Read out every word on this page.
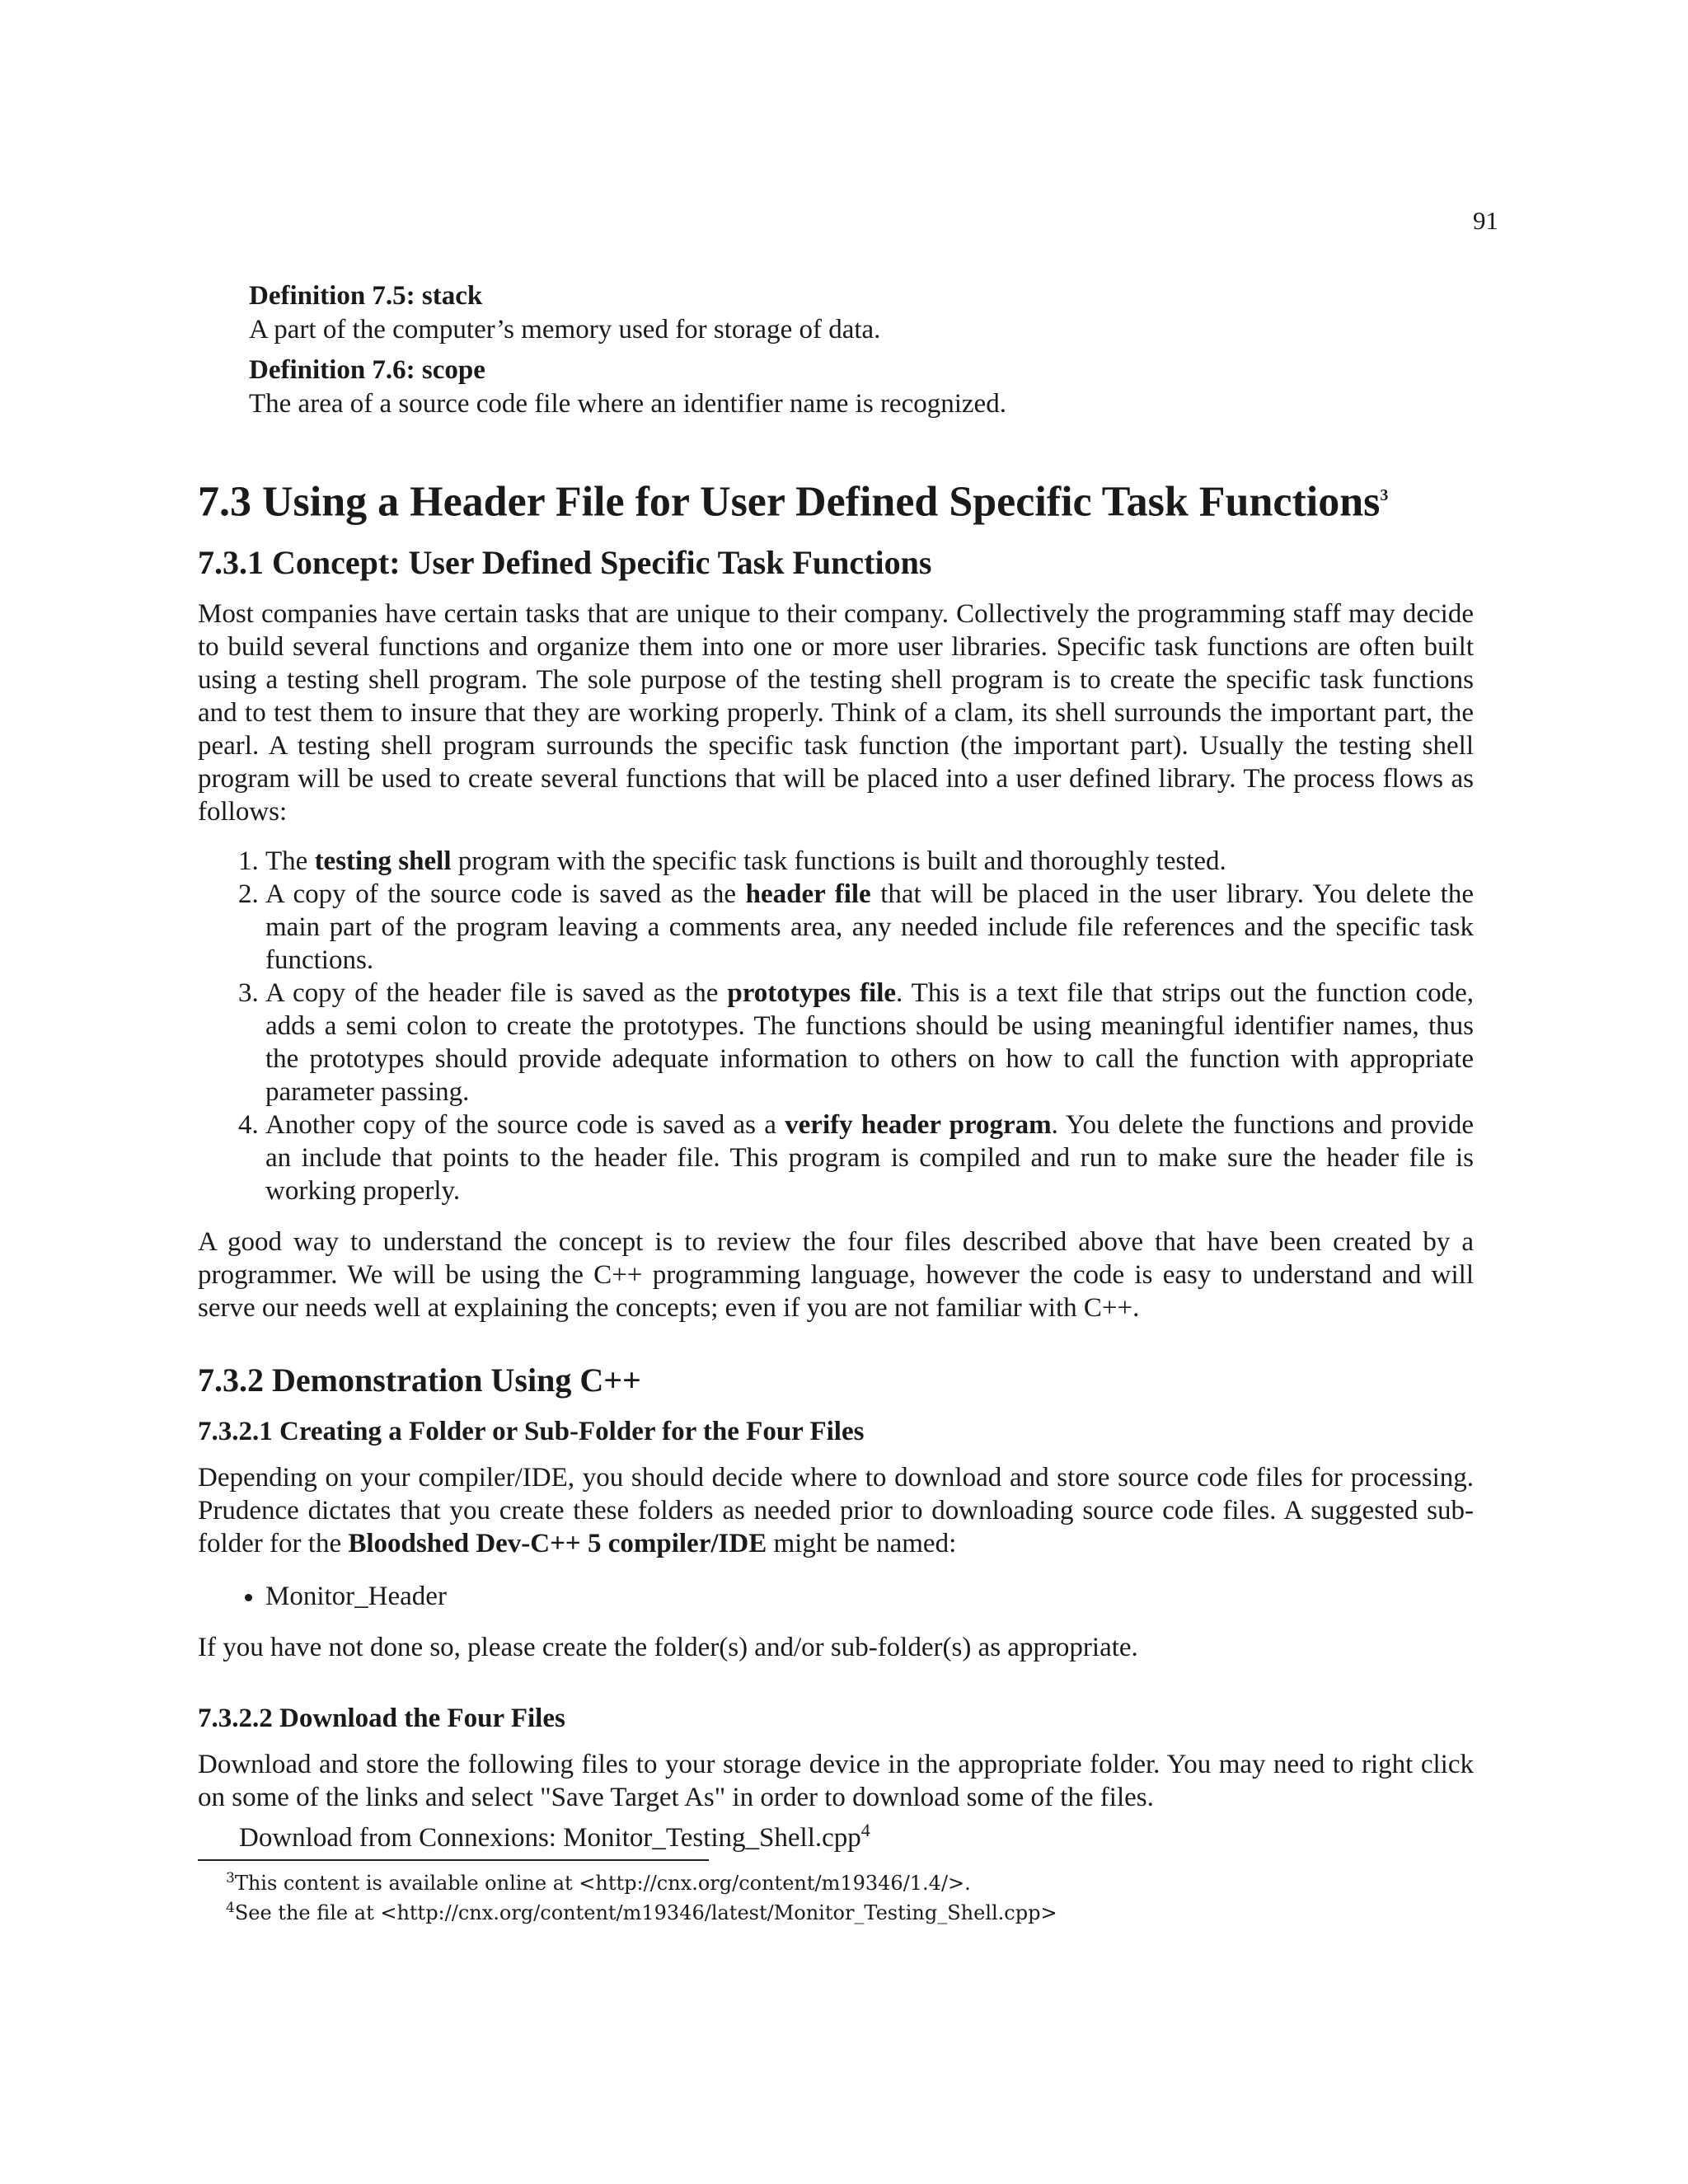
91
Definition 7.5: stack
A part of the computer’s memory used for storage of data.
Definition 7.6: scope
The area of a source code file where an identifier name is recognized.
7.3 Using a Header File for User Defined Specific Task Functions$^3$
7.3.1 Concept: User Defined Specific Task Functions

Most companies have certain tasks that are unique to their company. Collectively the programming staff may decide to build several functions and organize them into one or more user libraries. Specific task functions are often built using a testing shell program. The sole purpose of the testing shell program is to create the specific task functions and to test them to insure that they are working properly. Think of a clam, its shell surrounds the important part, the pearl. A testing shell program surrounds the specific task function (the important part). Usually the testing shell program will be used to create several functions that will be placed into a user defined library. The process flows as follows:

1. The testing shell program with the specific task functions is built and thoroughly tested.
2. A copy of the source code is saved as the header file that will be placed in the user library. You delete the main part of the program leaving a comments area, any needed include file references and the specific task functions.
3. A copy of the header file is saved as the prototypes file. This is a text file that strips out the function code, adds a semi colon to create the prototypes. The functions should be using meaningful identifier names, thus the prototypes should provide adequate information to others on how to call the function with appropriate parameter passing.
4. Another copy of the source code is saved as a verify header program. You delete the functions and provide an include that points to the header file. This program is compiled and run to make sure the header file is working properly.

A good way to understand the concept is to review the four files described above that have been created by a programmer. We will be using the C++ programming language, however the code is easy to understand and will serve our needs well at explaining the concepts; even if you are not familiar with C++.

7.3.2 Demonstration Using C++
7.3.2.1 Creating a Folder or Sub-Folder for the Four Files

Depending on your compiler/IDE, you should decide where to download and store source code files for processing. Prudence dictates that you create these folders as needed prior to downloading source code files. A suggested sub-folder for the Bloodshed Dev-C++ 5 compiler/IDE might be named:

• Monitor_Header

If you have not done so, please create the folder(s) and/or sub-folder(s) as appropriate.

7.3.2.2 Download the Four Files

Download and store the following files to your storage device in the appropriate folder. You may need to right click on some of the links and select "Save Target As" in order to download some of the files.

Download from Connexions: Monitor_Testing_Shell.cpp$^4$
$^3$This content is available online at <http://cnx.org/content/m19346/1.4/>.
$^4$See the file at <http://cnx.org/content/m19346/latest/Monitor_Testing_Shell.cpp>
